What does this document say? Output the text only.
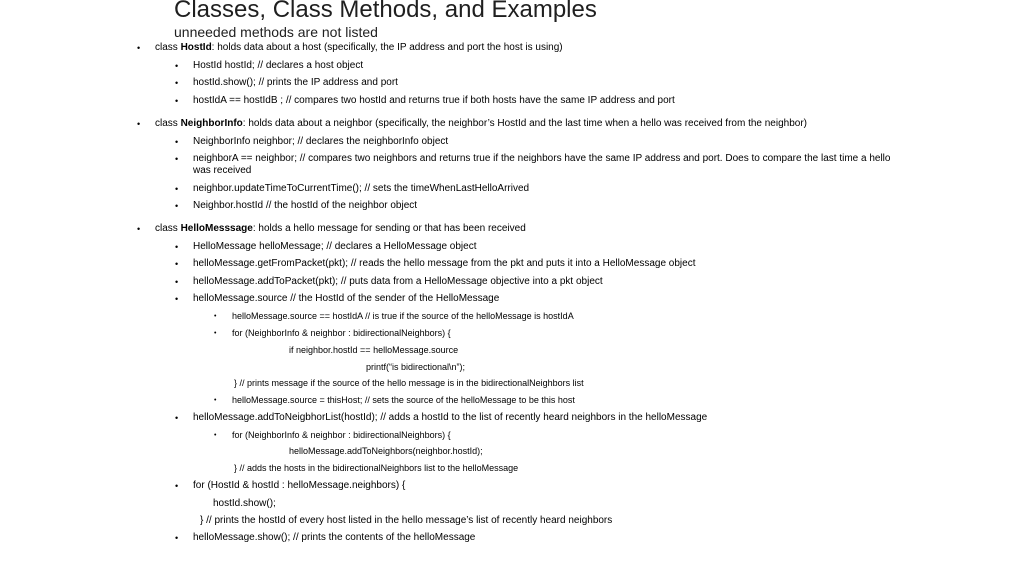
Classes, Class Methods, and Examples
unneeded methods are not listed
• class HostId: holds data about a host (specifically, the IP address and port the host is using)
• HostId hostId; // declares a host object
• hostId.show(); // prints the IP address and port
• hostIdA == hostIdB ; // compares two hostId and returns true if both hosts have the same IP address and port
• class NeighborInfo: holds data about a neighbor (specifically, the neighbor’s HostId and the last time when a hello was received from the neighbor)
• NeighborInfo neighbor; // declares the neighborInfo object
• neighborA == neighbor; // compares two neighbors and returns true if the neighbors have the same IP address and port. Does to compare the last time a hello was received
• neighbor.updateTimeToCurrentTime(); // sets the timeWhenLastHelloArrived
• Neighbor.hostId // the hostId of the neighbor object
• class HelloMesssage: holds a hello message for sending or that has been received
• HelloMessage helloMessage; // declares a HelloMessage object
• helloMessage.getFromPacket(pkt); // reads the hello message from the pkt and puts it into a HelloMessage object
• helloMessage.addToPacket(pkt); // puts data from a HelloMessage objective into a pkt object
• helloMessage.source // the HostId of the sender of the HelloMessage
• helloMessage.source == hostIdA // is true if the source of the helloMessage is hostIdA
• for (NeighborInfo & neighbor : bidirectionalNeighbors) {
if neighbor.hostId == helloMessage.source
printf(“is bidirectional\n”);
} // prints message if the source of the hello message is in the bidirectionalNeighbors list
• helloMessage.source = thisHost; // sets the source of the helloMessage to be this host
• helloMessage.addToNeigbhorList(hostId); // adds a hostId to the list of recently heard neighbors in the helloMessage
• for (NeighborInfo & neighbor : bidirectionalNeighbors) {
helloMessage.addToNeighbors(neighbor.hostId);
} // adds the hosts in the bidirectionalNeighbors list to the helloMessage
• for (HostId & hostId : helloMessage.neighbors) {
hostId.show();
} // prints the hostId of every host listed in the hello message’s list of recently heard neighbors
• helloMessage.show(); // prints the contents of the helloMessage
